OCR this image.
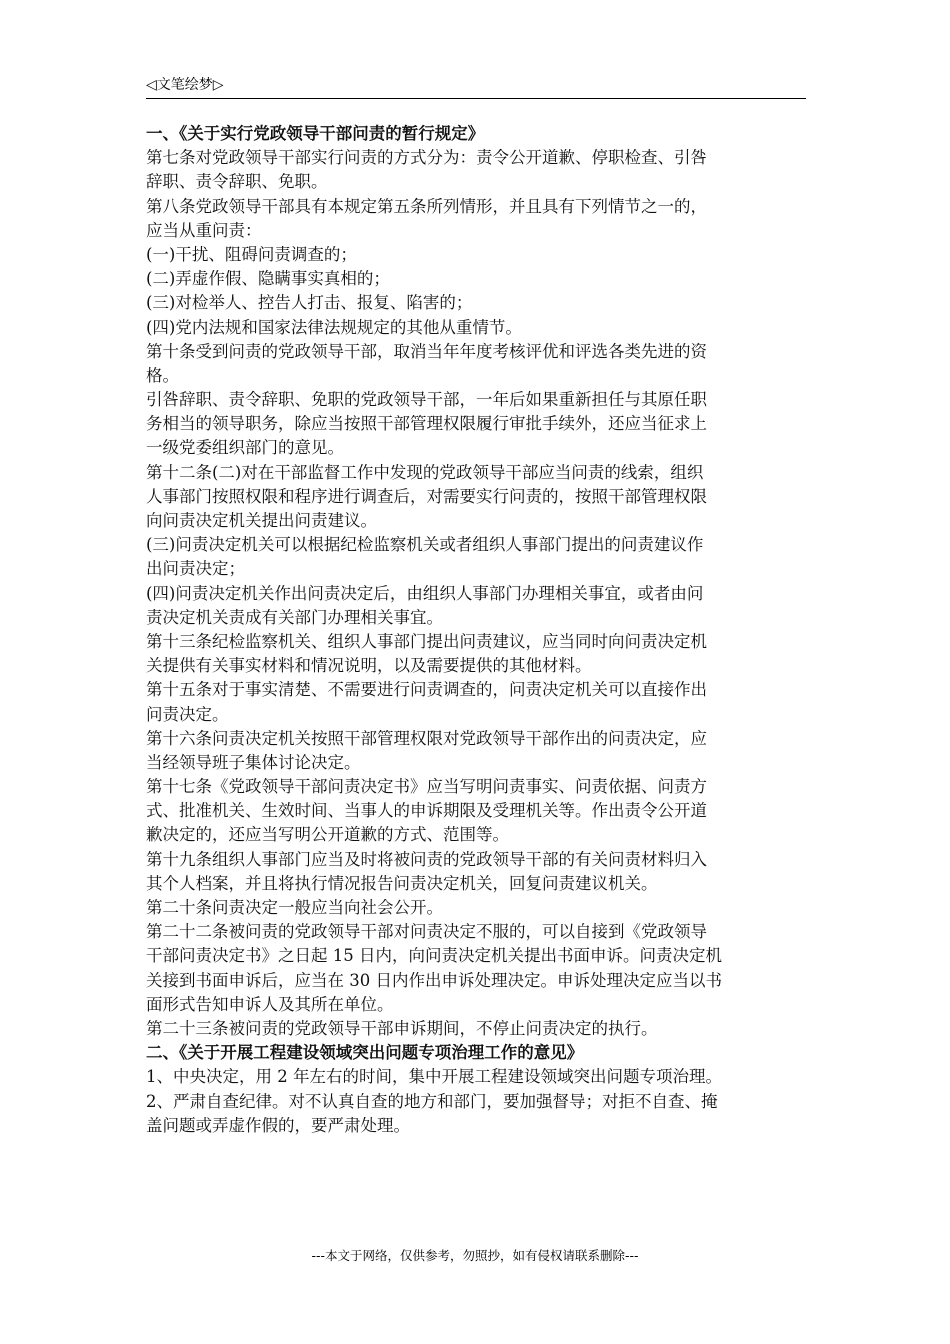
◁文笔绘梦▷
一、《关于实行党政领导干部问责的暂行规定》
第七条对党政领导干部实行问责的方式分为：责令公开道歉、停职检查、引咎
辞职、责令辞职、免职。
第八条党政领导干部具有本规定第五条所列情形，并且具有下列情节之一的，
应当从重问责：
(一)干扰、阻碍问责调查的；
(二)弄虚作假、隐瞒事实真相的；
(三)对检举人、控告人打击、报复、陷害的；
(四)党内法规和国家法律法规规定的其他从重情节。
第十条受到问责的党政领导干部，取消当年年度考核评优和评选各类先进的资
格。
引咎辞职、责令辞职、免职的党政领导干部，一年后如果重新担任与其原任职
务相当的领导职务，除应当按照干部管理权限履行审批手续外，还应当征求上
一级党委组织部门的意见。
第十二条(二)对在干部监督工作中发现的党政领导干部应当问责的线索，组织
人事部门按照权限和程序进行调查后，对需要实行问责的，按照干部管理权限
向问责决定机关提出问责建议。
(三)问责决定机关可以根据纪检监察机关或者组织人事部门提出的问责建议作
出问责决定；
(四)问责决定机关作出问责决定后，由组织人事部门办理相关事宜，或者由问
责决定机关责成有关部门办理相关事宜。
第十三条纪检监察机关、组织人事部门提出问责建议，应当同时向问责决定机
关提供有关事实材料和情况说明，以及需要提供的其他材料。
第十五条对于事实清楚、不需要进行问责调查的，问责决定机关可以直接作出
问责决定。
第十六条问责决定机关按照干部管理权限对党政领导干部作出的问责决定，应
当经领导班子集体讨论决定。
第十七条《党政领导干部问责决定书》应当写明问责事实、问责依据、问责方
式、批准机关、生效时间、当事人的申诉期限及受理机关等。作出责令公开道
歉决定的，还应当写明公开道歉的方式、范围等。
第十九条组织人事部门应当及时将被问责的党政领导干部的有关问责材料归入
其个人档案，并且将执行情况报告问责决定机关，回复问责建议机关。
第二十条问责决定一般应当向社会公开。
第二十二条被问责的党政领导干部对问责决定不服的，可以自接到《党政领导
干部问责决定书》之日起 15 日内，向问责决定机关提出书面申诉。问责决定机
关接到书面申诉后，应当在 30 日内作出申诉处理决定。申诉处理决定应当以书
面形式告知申诉人及其所在单位。
第二十三条被问责的党政领导干部申诉期间，不停止问责决定的执行。
二、《关于开展工程建设领域突出问题专项治理工作的意见》
1、中央决定，用 2 年左右的时间，集中开展工程建设领域突出问题专项治理。
2、严肃自查纪律。对不认真自查的地方和部门，要加强督导；对拒不自查、掩
盖问题或弄虚作假的，要严肃处理。
---本文于网络，仅供参考，勿照抄，如有侵权请联系删除---
